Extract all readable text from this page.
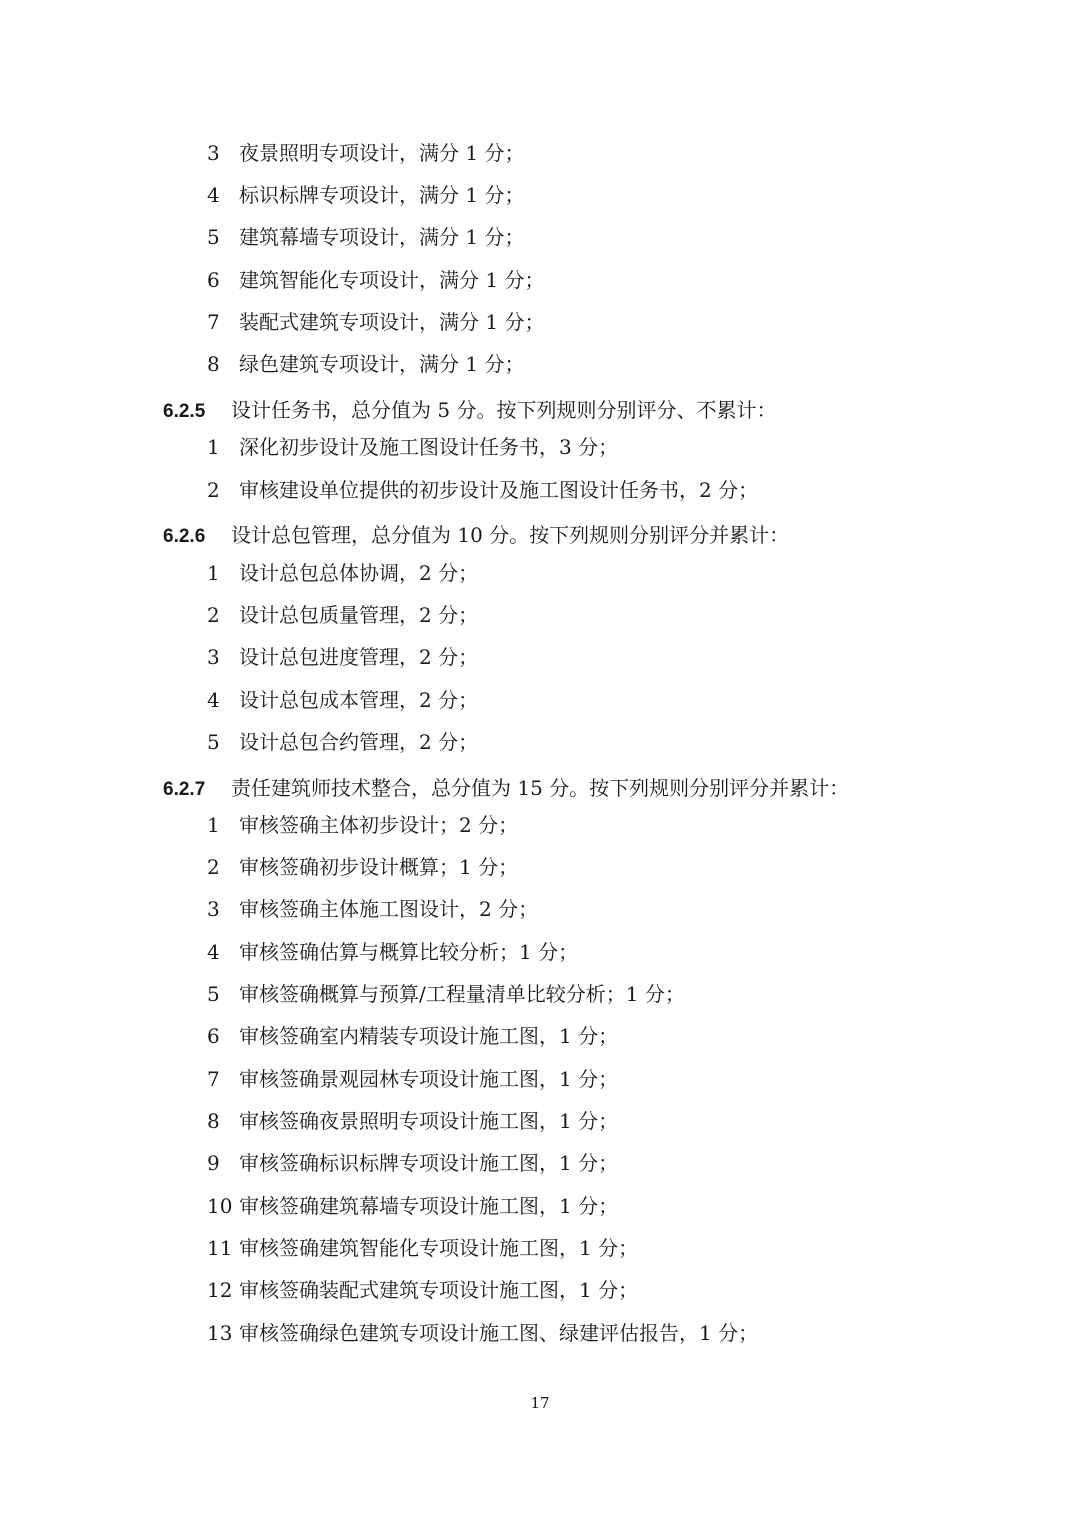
3 夜景照明专项设计，满分 1 分；
4 标识标牌专项设计，满分 1 分；
5 建筑幕墙专项设计，满分 1 分；
6 建筑智能化专项设计，满分 1 分；
7 装配式建筑专项设计，满分 1 分；
8 绿色建筑专项设计，满分 1 分；
6.2.5 设计任务书，总分值为 5 分。按下列规则分别评分、不累计：
1 深化初步设计及施工图设计任务书，3 分；
2 审核建设单位提供的初步设计及施工图设计任务书，2 分；
6.2.6 设计总包管理，总分值为 10 分。按下列规则分别评分并累计：
1 设计总包总体协调，2 分；
2 设计总包质量管理，2 分；
3 设计总包进度管理，2 分；
4 设计总包成本管理，2 分；
5 设计总包合约管理，2 分；
6.2.7 责任建筑师技术整合，总分值为 15 分。按下列规则分别评分并累计：
1 审核签确主体初步设计；2 分；
2 审核签确初步设计概算；1 分；
3 审核签确主体施工图设计，2 分；
4 审核签确估算与概算比较分析；1 分；
5 审核签确概算与预算/工程量清单比较分析；1 分；
6 审核签确室内精装专项设计施工图，1 分；
7 审核签确景观园林专项设计施工图，1 分；
8 审核签确夜景照明专项设计施工图，1 分；
9 审核签确标识标牌专项设计施工图，1 分；
10 审核签确建筑幕墙专项设计施工图，1 分；
11 审核签确建筑智能化专项设计施工图，1 分；
12 审核签确装配式建筑专项设计施工图，1 分；
13 审核签确绿色建筑专项设计施工图、绿建评估报告，1 分；
17
